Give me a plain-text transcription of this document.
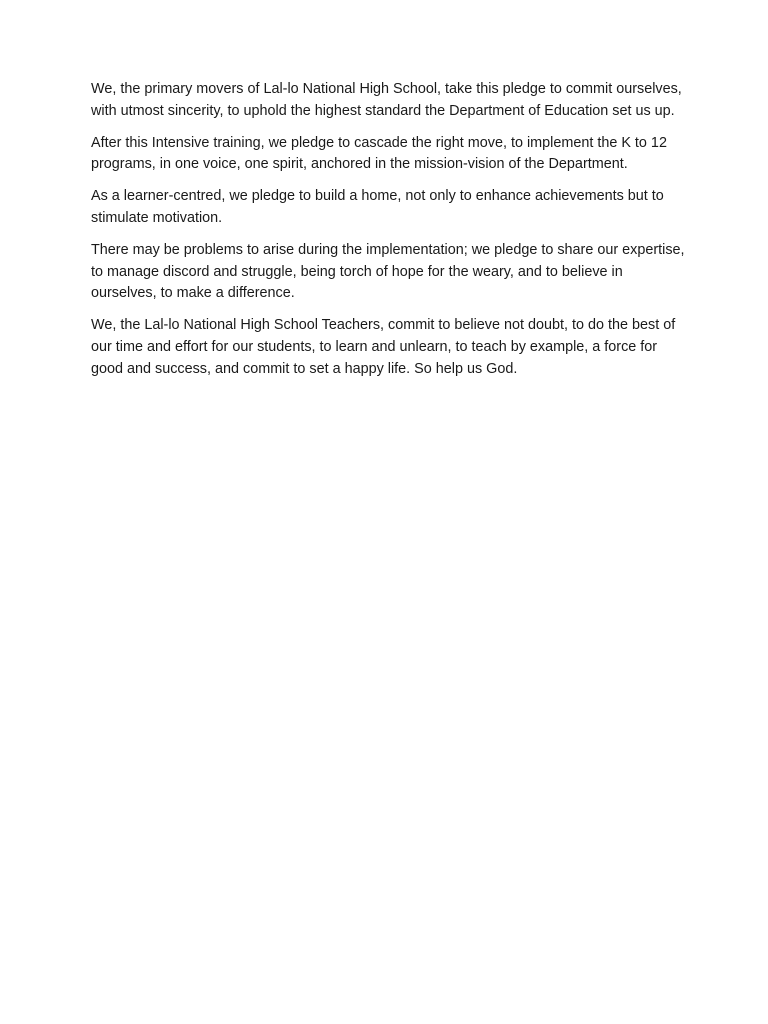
We, the primary movers of Lal-lo National High School, take this pledge to commit ourselves, with utmost sincerity, to uphold the highest standard the Department of Education set us up.

After this Intensive training, we pledge to cascade the right move, to implement the K to 12 programs, in one voice, one spirit, anchored in the mission-vision of the Department.

As a learner-centred, we pledge to build a home, not only to enhance achievements but to stimulate motivation.

There may be problems to arise during the implementation; we pledge to share our expertise, to manage discord and struggle, being torch of hope for the weary, and to believe in ourselves, to make a difference.

We, the Lal-lo National High School Teachers, commit to believe not doubt, to do the best of our time and effort for our students, to learn and unlearn, to teach by example, a force for good and success, and commit to set a happy life. So help us God.
